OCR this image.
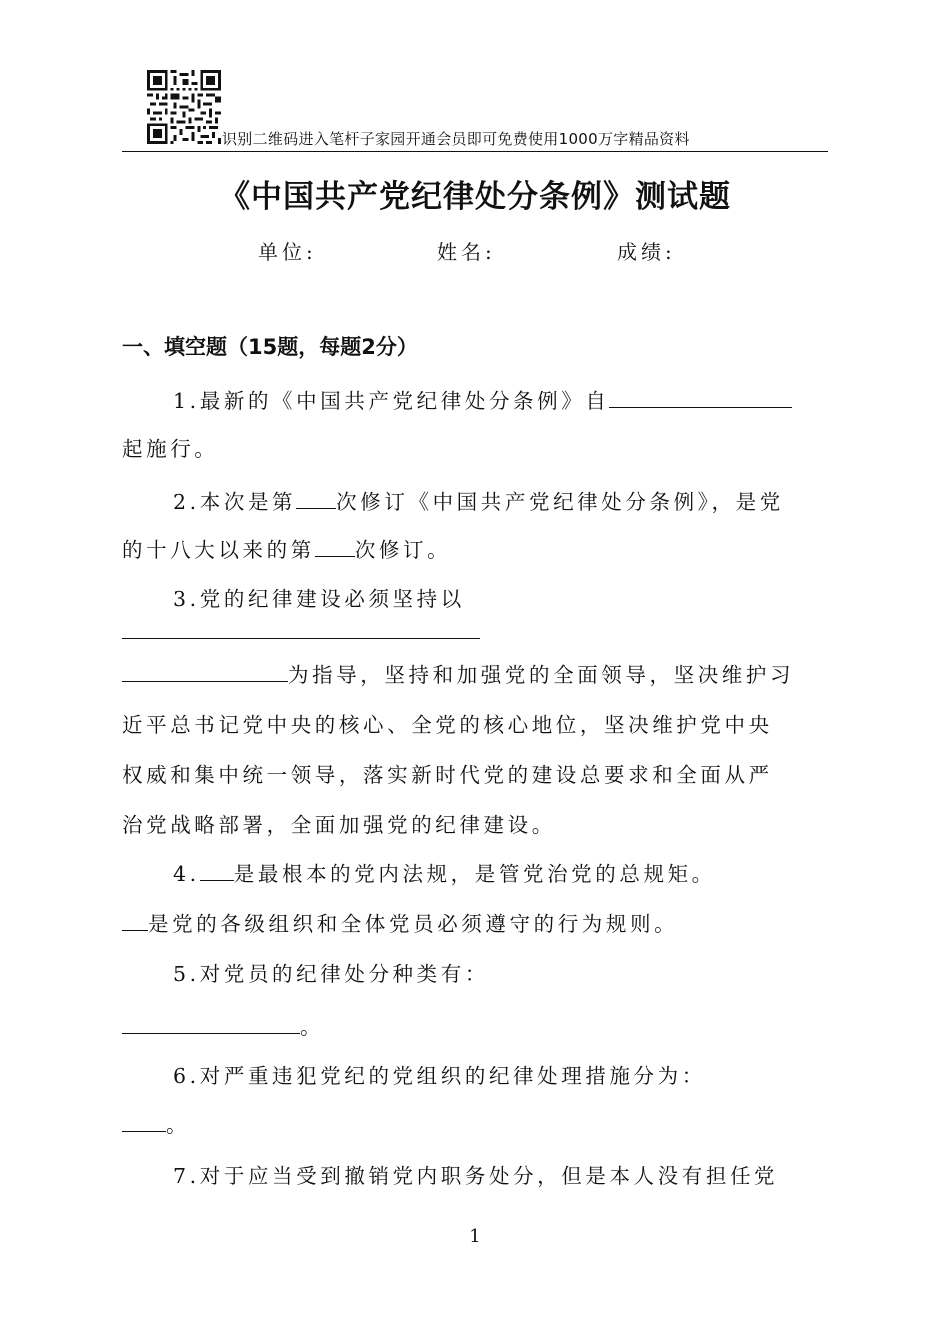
识别二维码进入笔杆子家园开通会员即可免费使用1000万字精品资料
《中国共产党纪律处分条例》测试题
单位:	姓名:	成绩:
一、填空题（15题，每题2分）
1.最新的《中国共产党纪律处分条例》自
起施行。
2.本次是第 次修订《中国共产党纪律处分条例》，是党
的十八大以来的第 次修订。
3.党的纪律建设必须坚持以
为指导，坚持和加强党的全面领导，坚决维护习
近平总书记党中央的核心、全党的核心地位，坚决维护党中央
权威和集中统一领导，落实新时代党的建设总要求和全面从严
治党战略部署，全面加强党的纪律建设。
4. 是最根本的党内法规，是管党治党的总规矩。
是党的各级组织和全体党员必须遵守的行为规则。
5.对党员的纪律处分种类有：
。
6.对严重违犯党纪的党组织的纪律处理措施分为：
。
7.对于应当受到撤销党内职务处分，但是本人没有担任党
1
